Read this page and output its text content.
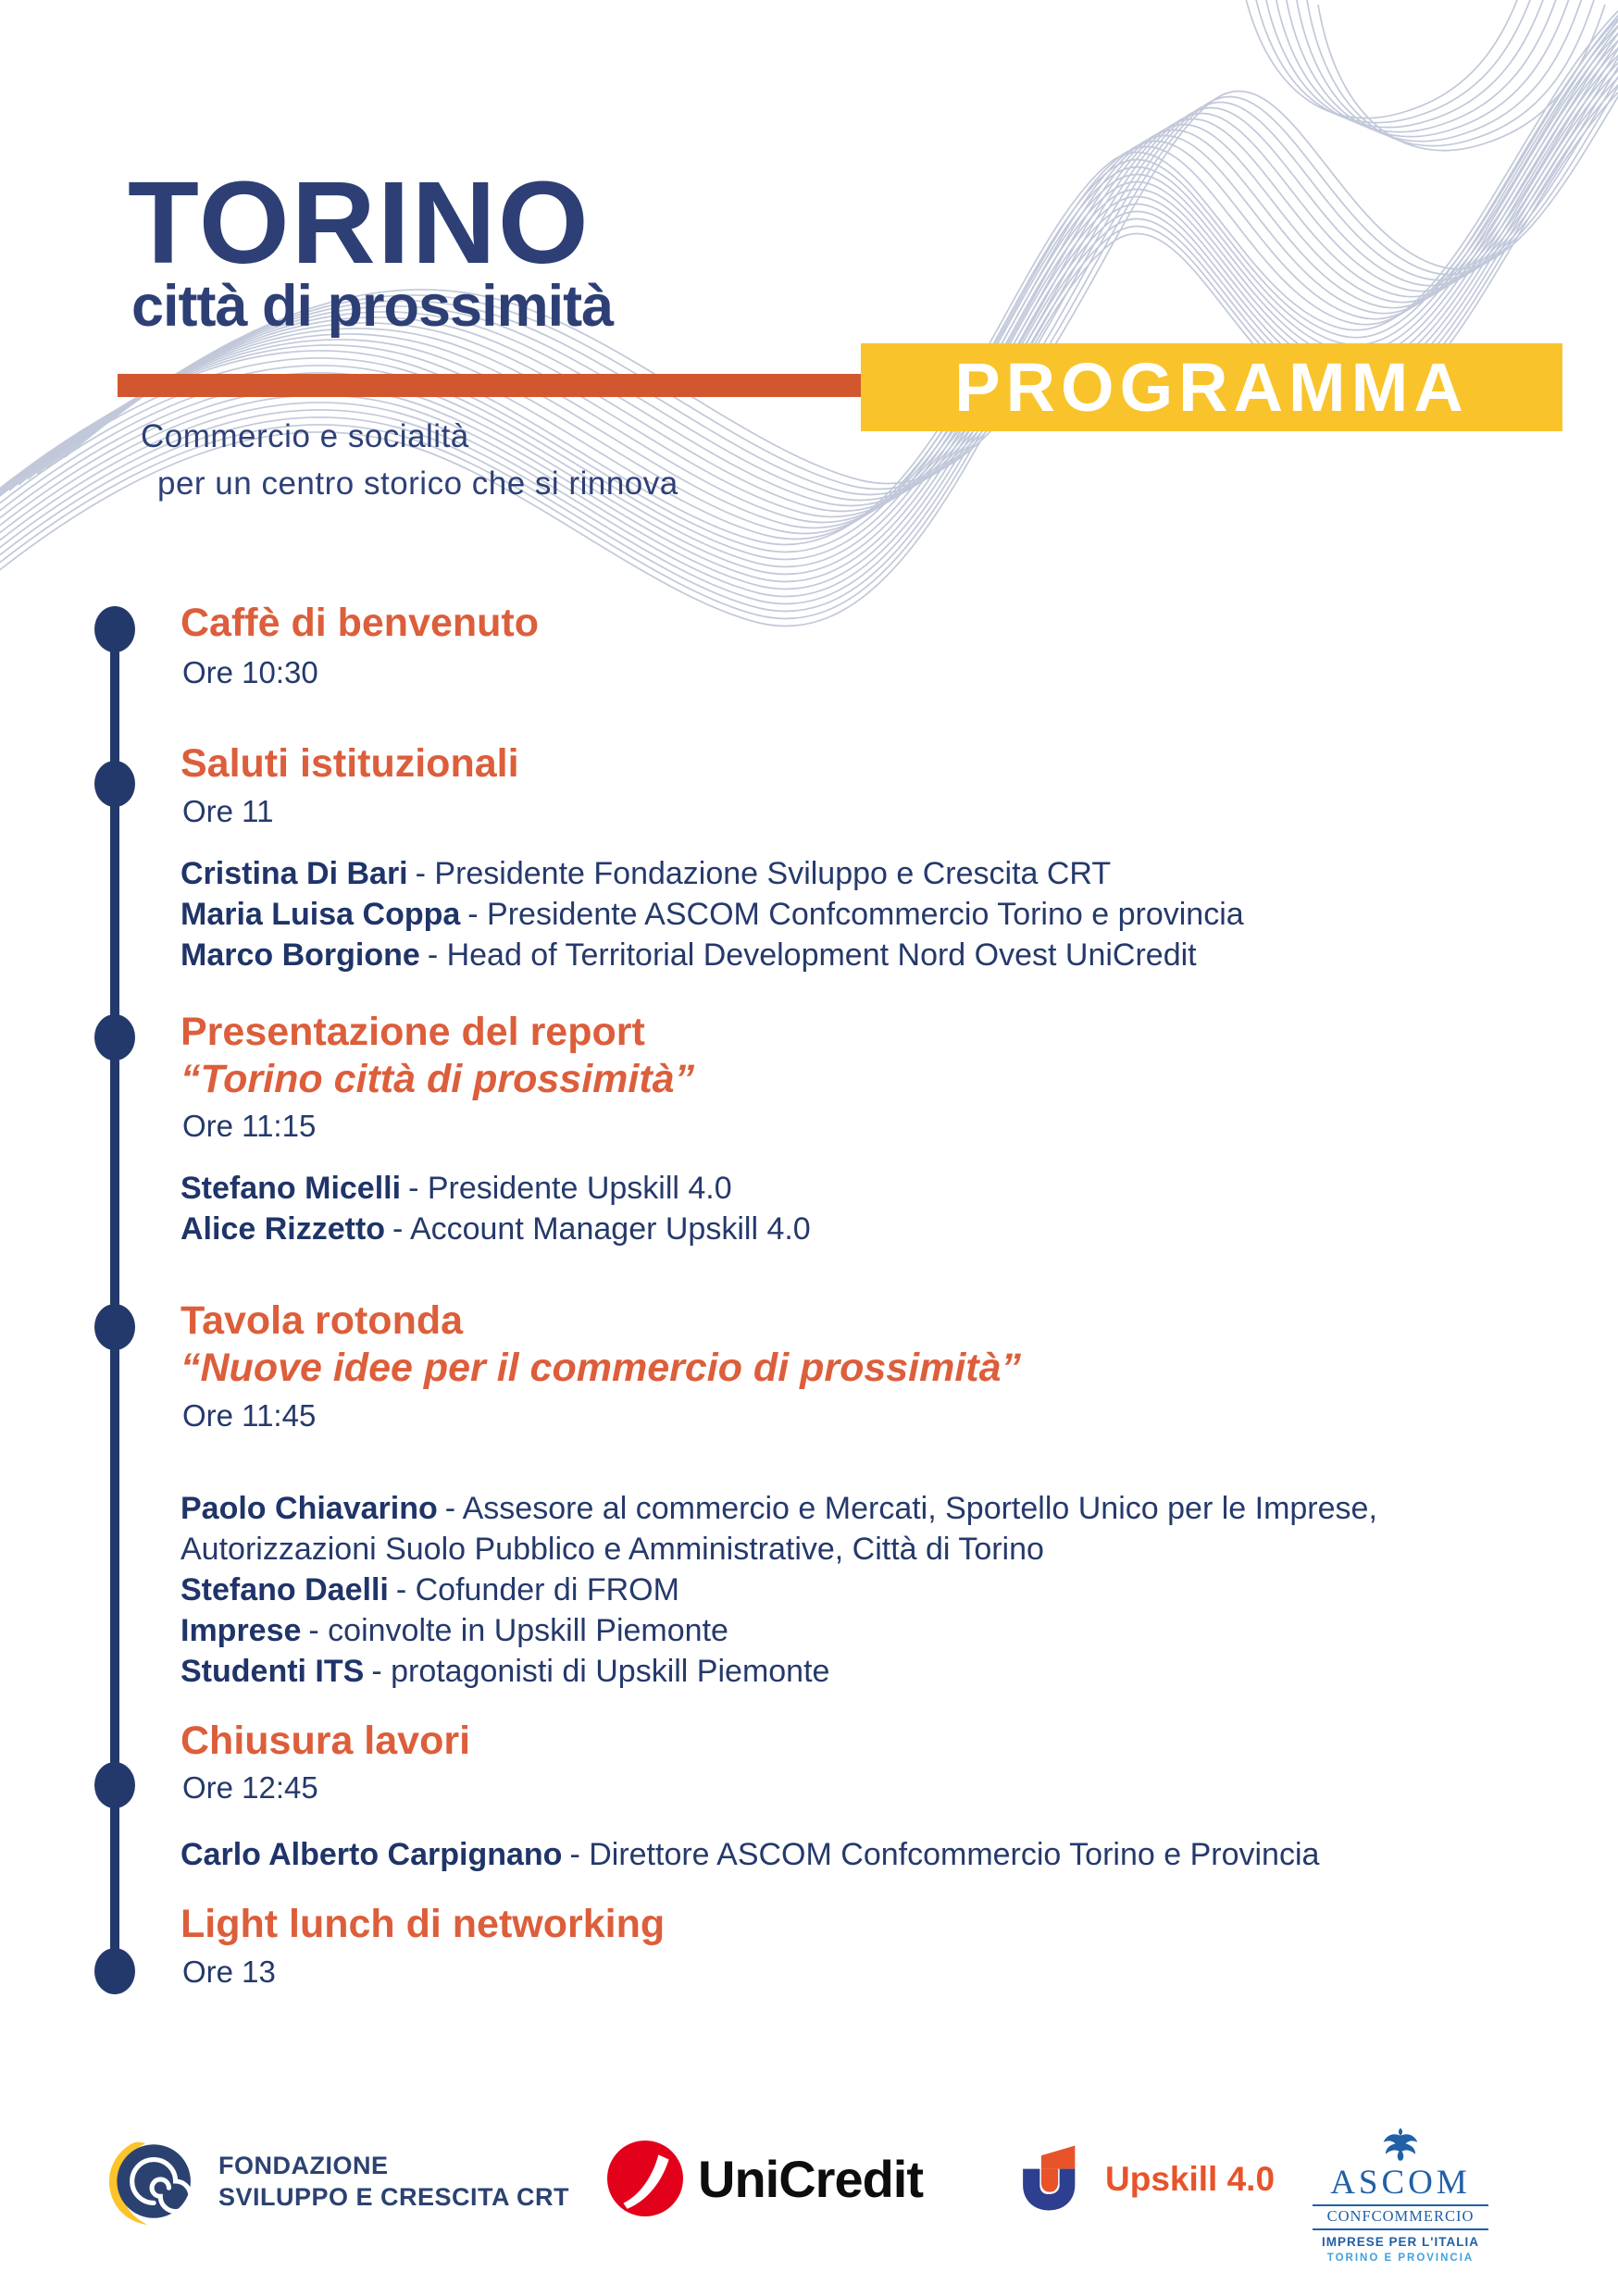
TORINO
città di prossimità
PROGRAMMA
Commercio e socialità
per un centro storico che si rinnova
Caffè di benvenuto
Ore 10:30
Saluti istituzionali
Ore 11
Cristina Di Bari - Presidente Fondazione Sviluppo e Crescita CRT
Maria Luisa Coppa - Presidente ASCOM Confcommercio Torino e provincia
Marco Borgione - Head of Territorial Development Nord Ovest UniCredit
Presentazione del report
“Torino città di prossimità”
Ore 11:15
Stefano Micelli - Presidente Upskill 4.0
Alice Rizzetto - Account Manager Upskill 4.0
Tavola rotonda
“Nuove idee per il commercio di prossimità”
Ore 11:45
Paolo Chiavarino - Assesore al commercio e Mercati, Sportello Unico per le Imprese, Autorizzazioni Suolo Pubblico e Amministrative, Città di Torino
Stefano Daelli - Cofunder di FROM
Imprese - coinvolte in Upskill Piemonte
Studenti ITS - protagonisti di Upskill Piemonte
Chiusura lavori
Ore 12:45
Carlo Alberto Carpignano - Direttore ASCOM Confcommercio Torino e Provincia
Light lunch di networking
Ore 13
FONDAZIONE
SVILUPPO E CRESCITA CRT UniCredit	Upskill 4.0 ASCOM
CONFCOMMERCIO
IMPRESE PER L'ITALIA
TORINO E PROVINCIA
